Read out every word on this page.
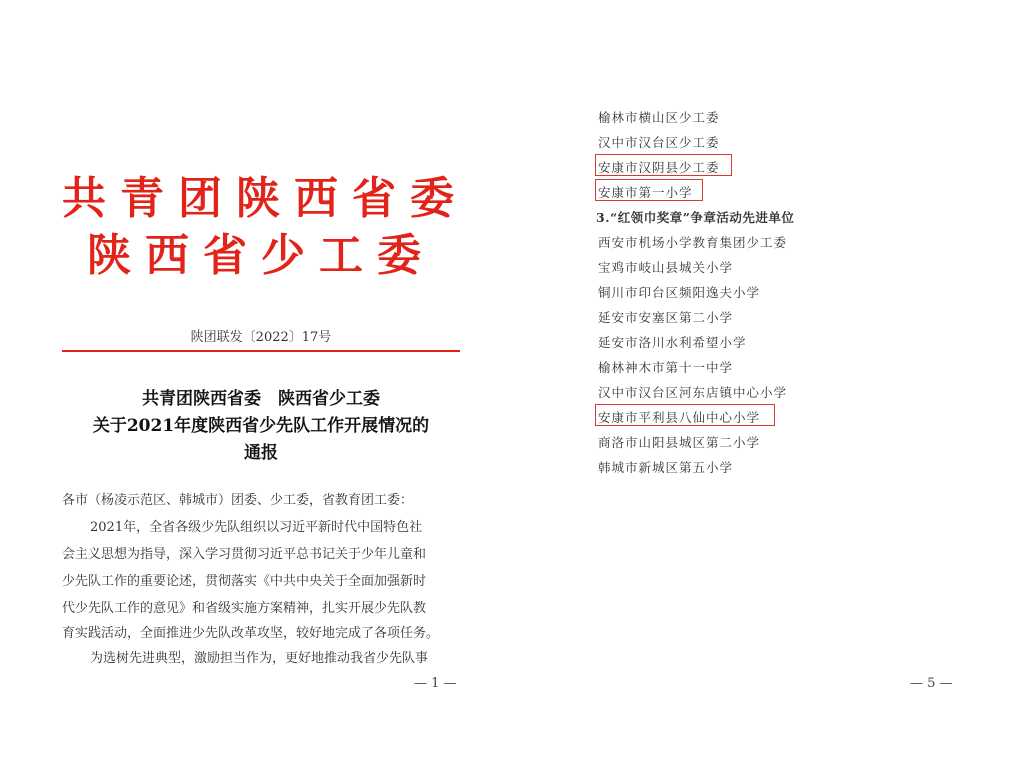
共青团陕西省委
陕西省少工委
陕团联发〔2022〕17号
共青团陕西省委　陕西省少工委
关于2021年度陕西省少先队工作开展情况的
通报
各市（杨凌示范区、韩城市）团委、少工委，省教育团工委：
2021年，全省各级少先队组织以习近平新时代中国特色社
会主义思想为指导，深入学习贯彻习近平总书记关于少年儿童和
少先队工作的重要论述，贯彻落实《中共中央关于全面加强新时
代少先队工作的意见》和省级实施方案精神，扎实开展少先队教
育实践活动，全面推进少先队改革攻坚，较好地完成了各项任务。
为选树先进典型，激励担当作为，更好地推动我省少先队事
— 1 —
榆林市横山区少工委
汉中市汉台区少工委
安康市汉阴县少工委
安康市第一小学
3.“红领巾奖章”争章活动先进单位
西安市机场小学教育集团少工委
宝鸡市岐山县城关小学
铜川市印台区频阳逸夫小学
延安市安塞区第二小学
延安市洛川水利希望小学
榆林神木市第十一中学
汉中市汉台区河东店镇中心小学
安康市平利县八仙中心小学
商洛市山阳县城区第二小学
韩城市新城区第五小学
— 5 —
